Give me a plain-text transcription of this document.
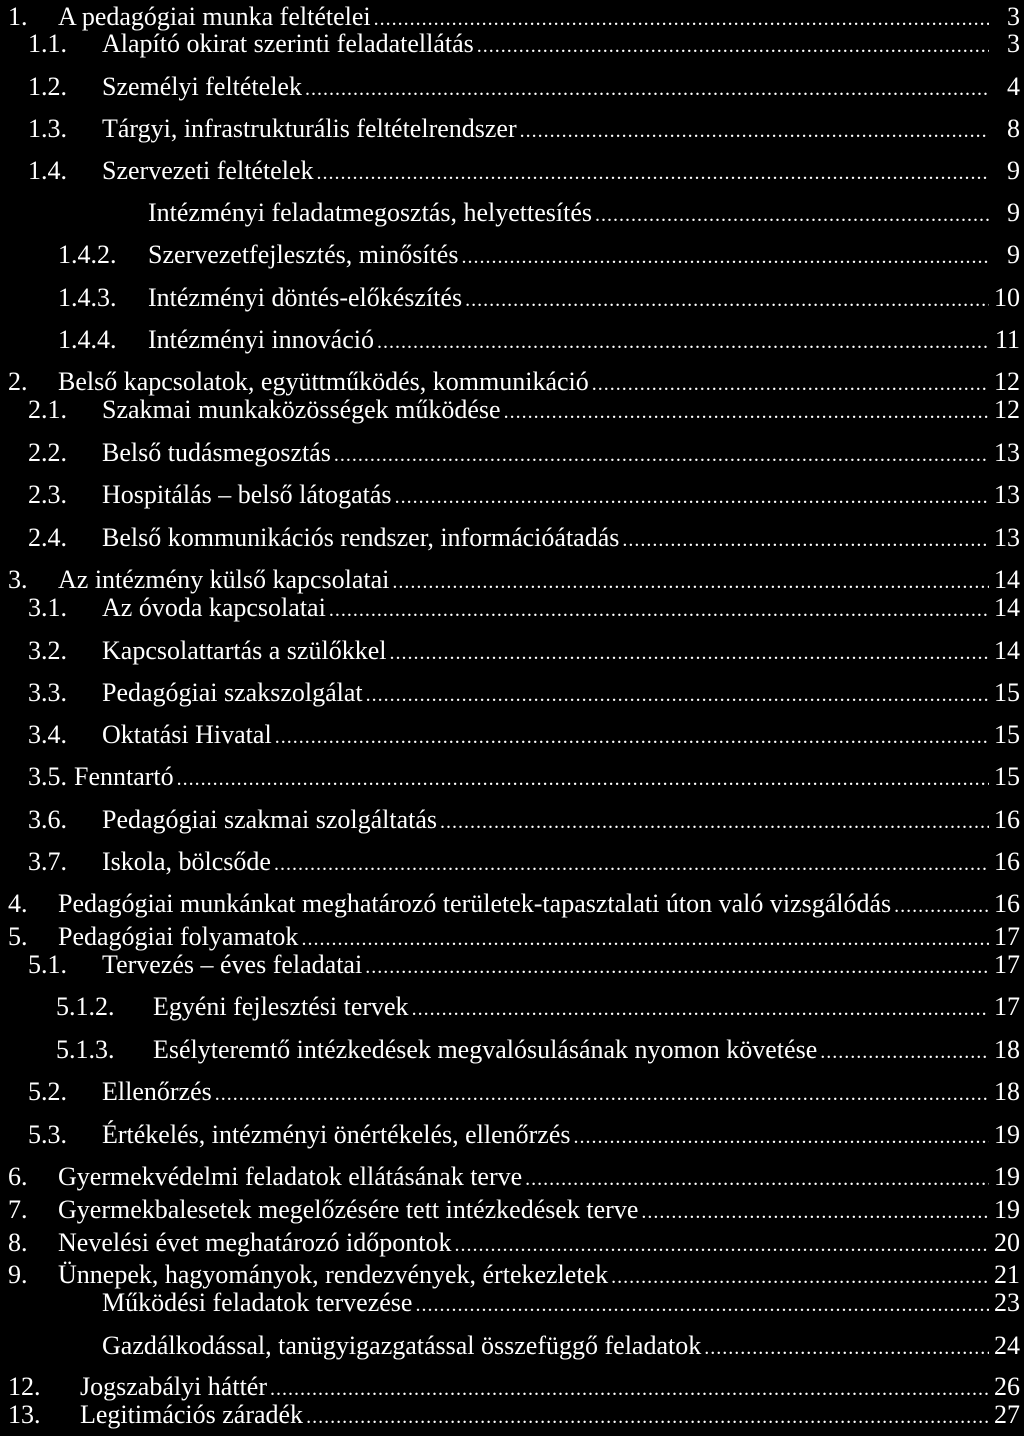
1.	A pedagógiai munka feltételei .....	3
1.1.	Alapító okirat szerinti feladatellátás .....	3
1.2.	Személyi feltételek .....	4
1.3.	Tárgyi, infrastrukturális feltételrendszer .....	8
1.4.	Szervezeti feltételek .....	9
Intézményi feladatmegosztás, helyettesítés .....	9
1.4.2.	Szervezetfejlesztés, minősítés .....	9
1.4.3.	Intézményi döntés-előkészítés .....	10
1.4.4.	Intézményi innováció .....	11
2.	Belső kapcsolatok, együttműködés, kommunikáció .....	12
2.1.	Szakmai munkaközösségek működése .....	12
2.2.	Belső tudásmegosztás .....	13
2.3.	Hospitálás – belső látogatás .....	13
2.4.	Belső kommunikációs rendszer, információátadás .....	13
3.	Az intézmény külső kapcsolatai .....	14
3.1.	Az óvoda kapcsolatai .....	14
3.2.	Kapcsolattartás a szülőkkel .....	14
3.3.	Pedagógiai szakszolgálat .....	15
3.4.	Oktatási Hivatal .....	15
3.5. Fenntartó .....	15
3.6.	Pedagógiai szakmai szolgáltatás .....	16
3.7.	Iskola, bölcsőde .....	16
4.	Pedagógiai munkánkat meghatározó területek-tapasztalati úton való vizsgálódás .....	16
5.	Pedagógiai folyamatok .....	17
5.1.	Tervezés – éves feladatai .....	17
5.1.2.	Egyéni fejlesztési tervek .....	17
5.1.3.	Esélyteremtő intézkedések megvalósulásának nyomon követése .....	18
5.2.	Ellenőrzés .....	18
5.3.	Értékelés, intézményi önértékelés, ellenőrzés .....	19
6.	Gyermekvédelmi feladatok ellátásának terve .....	19
7.	Gyermekbalesetek megelőzésére tett intézkedések terve .....	19
8.	Nevelési évet meghatározó időpontok .....	20
9.	Ünnepek, hagyományok, rendezvények, értekezletek .....	21
Működési feladatok tervezése .....	23
Gazdálkodással, tanügyigazgatással összefüggő feladatok .....	24
12.	Jogszabályi háttér .....	26
13.	Legitimációs záradék .....	27
